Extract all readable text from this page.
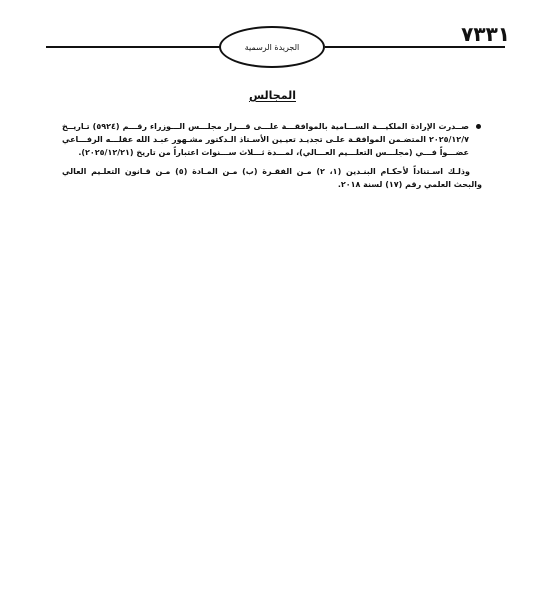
الجريدة الرسمية
٧٣٣١
المجالس
صــدرت الإرادة الملكيـــة الســـامية بالموافقـــة علـــى قـــرار مجلـــس الـــوزراء رقـــم (٥٩٢٤) تـاريــخ ٢٠٢٥/١٢/٧ المتضـمن الموافقـة علـى تجديـد تعيـين الأسـتاذ الـدكتور مشـهور عبـد الله عقلـــه الرفـــاعي عضـــواً فـــي (مجلـــس التعلـــيم العـــالي)، لمـــدة ثـــلاث ســـنوات اعتباراً من تاريخ (٢٠٢٥/١٢/٢١).
وذلـك اسـتناداً لأحكـام البنـدين (١، ٢) مـن الفقـرة (ب) مـن المـادة (٥) مـن قـانون التعلـيم العالي والبحث العلمي رقم (١٧) لسنة ٢٠١٨.
